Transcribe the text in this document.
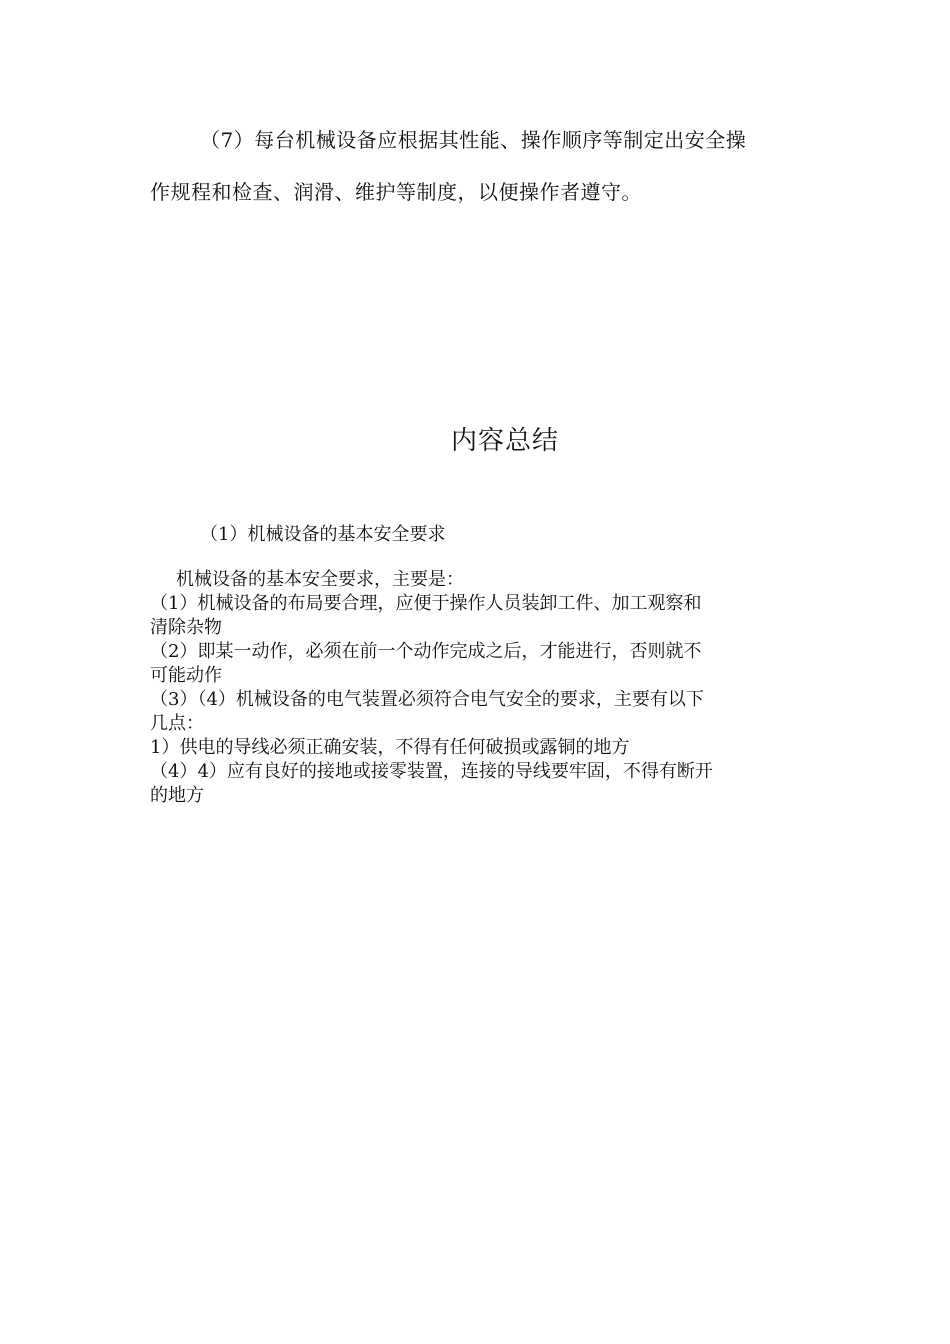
（7）每台机械设备应根据其性能、操作顺序等制定出安全操
作规程和检查、润滑、维护等制度，以便操作者遵守。
内容总结
（1）机械设备的基本安全要求
机械设备的基本安全要求，主要是：
（1）机械设备的布局要合理，应便于操作人员装卸工件、加工观察和
清除杂物
（2）即某一动作，必须在前一个动作完成之后，才能进行，否则就不
可能动作
（3）（4）机械设备的电气装置必须符合电气安全的要求，主要有以下
几点：
1）供电的导线必须正确安装，不得有任何破损或露铜的地方
（4）4）应有良好的接地或接零装置，连接的导线要牢固，不得有断开
的地方
